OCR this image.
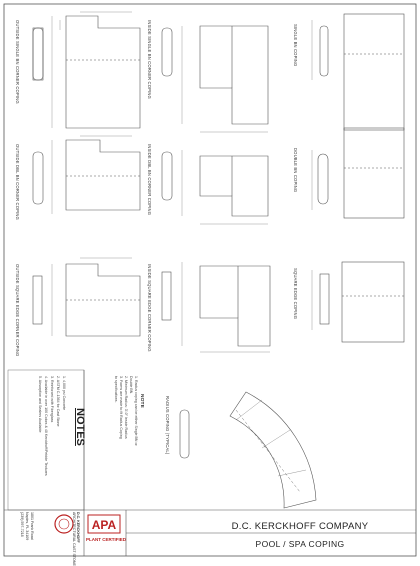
APA
OUTSIDE SINGLE BN CORNER COPING	INSIDE SINGLE BN CORNER COPING	SINGLE BN COPING
OUTSIDE DBL BN CORNER COPING	INSIDE DBL BN CORNER COPING	DOUBLE BN COPING
OUTSIDE SQUARE EDGE CORNER COPING	INSIDE SQUARE EDGE CORNER COPING	SQUARE EDGE COPING
RADIUS COPING (TYPICAL)
NOTE
1. Radius coping can be either Single BN or
Double BN.
2. Minimum Radius: 3'-0" Inside Radius
3. Forms are made to fit Radius Coping
to specifications.
NOTES
1. 4,000 psi Concrete
2. ASTM C-1364 for Cast Stone
3. Reinforced with Fiberglass
4. Available in over 100 Colors & 40 Kerckhoff/Pebble Textures
5. Absorption and Sealers Available
PLANT CERTIFIED
D.C. KERCKHOFF
ARCHITECTURAL CAST STONE
1801 Frank Road
Naples, FL 34109
(239) 597-7218	D.C. KERCKHOFF COMPANY
POOL / SPA COPING
